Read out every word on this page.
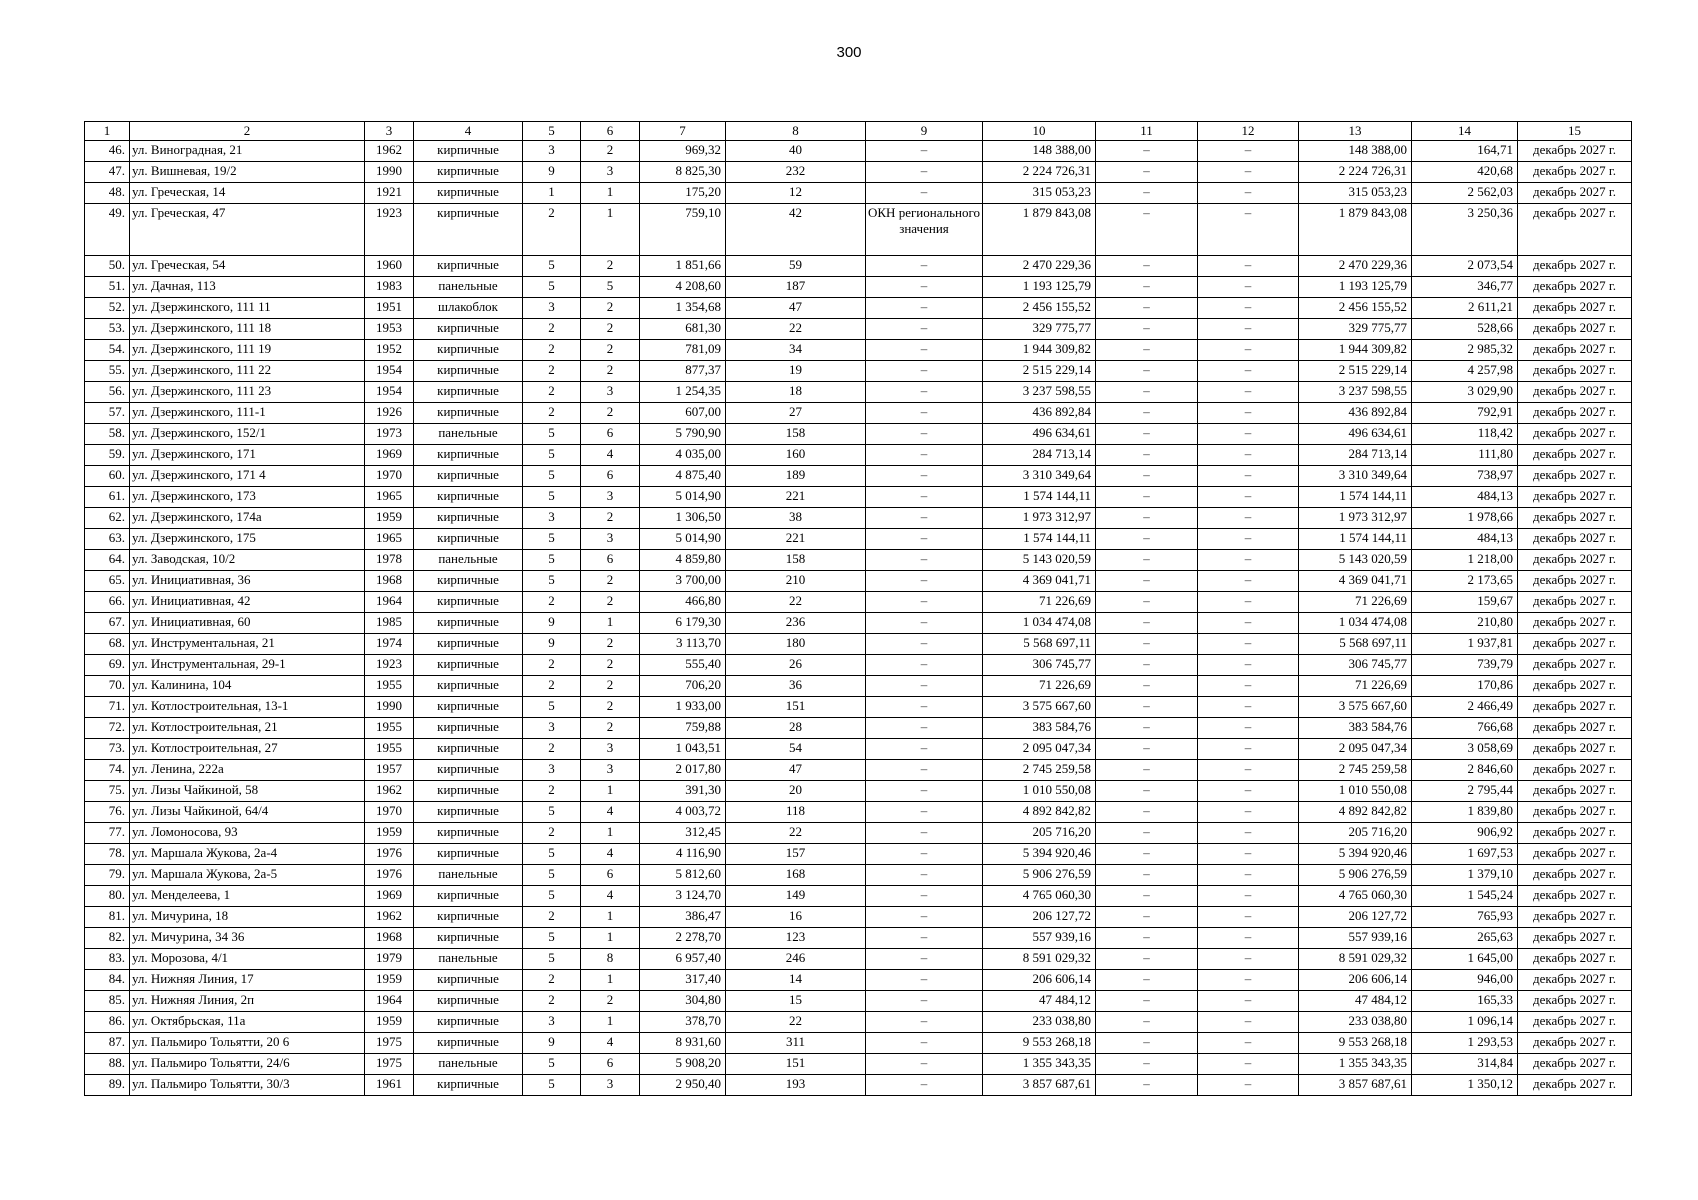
300
1	2	3	4	5	6	7	8	9	10	11	12	13	14	15
46.	ул. Виноградная, 21	1962	кирпичные	3	2	969,32	40	–	148 388,00	–	–	148 388,00	164,71	декабрь 2027 г.
47.	ул. Вишневая, 19/2	1990	кирпичные	9	3	8 825,30	232	–	2 224 726,31	–	–	2 224 726,31	420,68	декабрь 2027 г.
48.	ул. Греческая, 14	1921	кирпичные	1	1	175,20	12	–	315 053,23	–	–	315 053,23	2 562,03	декабрь 2027 г.
49.	ул. Греческая, 47	1923	кирпичные	2	1	759,10	42	ОКН регионального значения	1 879 843,08	–	–	1 879 843,08	3 250,36	декабрь 2027 г.
50.	ул. Греческая, 54	1960	кирпичные	5	2	1 851,66	59	–	2 470 229,36	–	–	2 470 229,36	2 073,54	декабрь 2027 г.
51.	ул. Дачная, 113	1983	панельные	5	5	4 208,60	187	–	1 193 125,79	–	–	1 193 125,79	346,77	декабрь 2027 г.
52.	ул. Дзержинского, 111 11	1951	шлакоблок	3	2	1 354,68	47	–	2 456 155,52	–	–	2 456 155,52	2 611,21	декабрь 2027 г.
53.	ул. Дзержинского, 111 18	1953	кирпичные	2	2	681,30	22	–	329 775,77	–	–	329 775,77	528,66	декабрь 2027 г.
54.	ул. Дзержинского, 111 19	1952	кирпичные	2	2	781,09	34	–	1 944 309,82	–	–	1 944 309,82	2 985,32	декабрь 2027 г.
55.	ул. Дзержинского, 111 22	1954	кирпичные	2	2	877,37	19	–	2 515 229,14	–	–	2 515 229,14	4 257,98	декабрь 2027 г.
56.	ул. Дзержинского, 111 23	1954	кирпичные	2	3	1 254,35	18	–	3 237 598,55	–	–	3 237 598,55	3 029,90	декабрь 2027 г.
57.	ул. Дзержинского, 111-1	1926	кирпичные	2	2	607,00	27	–	436 892,84	–	–	436 892,84	792,91	декабрь 2027 г.
58.	ул. Дзержинского, 152/1	1973	панельные	5	6	5 790,90	158	–	496 634,61	–	–	496 634,61	118,42	декабрь 2027 г.
59.	ул. Дзержинского, 171	1969	кирпичные	5	4	4 035,00	160	–	284 713,14	–	–	284 713,14	111,80	декабрь 2027 г.
60.	ул. Дзержинского, 171 4	1970	кирпичные	5	6	4 875,40	189	–	3 310 349,64	–	–	3 310 349,64	738,97	декабрь 2027 г.
61.	ул. Дзержинского, 173	1965	кирпичные	5	3	5 014,90	221	–	1 574 144,11	–	–	1 574 144,11	484,13	декабрь 2027 г.
62.	ул. Дзержинского, 174а	1959	кирпичные	3	2	1 306,50	38	–	1 973 312,97	–	–	1 973 312,97	1 978,66	декабрь 2027 г.
63.	ул. Дзержинского, 175	1965	кирпичные	5	3	5 014,90	221	–	1 574 144,11	–	–	1 574 144,11	484,13	декабрь 2027 г.
64.	ул. Заводская, 10/2	1978	панельные	5	6	4 859,80	158	–	5 143 020,59	–	–	5 143 020,59	1 218,00	декабрь 2027 г.
65.	ул. Инициативная, 36	1968	кирпичные	5	2	3 700,00	210	–	4 369 041,71	–	–	4 369 041,71	2 173,65	декабрь 2027 г.
66.	ул. Инициативная, 42	1964	кирпичные	2	2	466,80	22	–	71 226,69	–	–	71 226,69	159,67	декабрь 2027 г.
67.	ул. Инициативная, 60	1985	кирпичные	9	1	6 179,30	236	–	1 034 474,08	–	–	1 034 474,08	210,80	декабрь 2027 г.
68.	ул. Инструментальная, 21	1974	кирпичные	9	2	3 113,70	180	–	5 568 697,11	–	–	5 568 697,11	1 937,81	декабрь 2027 г.
69.	ул. Инструментальная, 29-1	1923	кирпичные	2	2	555,40	26	–	306 745,77	–	–	306 745,77	739,79	декабрь 2027 г.
70.	ул. Калинина, 104	1955	кирпичные	2	2	706,20	36	–	71 226,69	–	–	71 226,69	170,86	декабрь 2027 г.
71.	ул. Котлостроительная, 13-1	1990	кирпичные	5	2	1 933,00	151	–	3 575 667,60	–	–	3 575 667,60	2 466,49	декабрь 2027 г.
72.	ул. Котлостроительная, 21	1955	кирпичные	3	2	759,88	28	–	383 584,76	–	–	383 584,76	766,68	декабрь 2027 г.
73.	ул. Котлостроительная, 27	1955	кирпичные	2	3	1 043,51	54	–	2 095 047,34	–	–	2 095 047,34	3 058,69	декабрь 2027 г.
74.	ул. Ленина, 222а	1957	кирпичные	3	3	2 017,80	47	–	2 745 259,58	–	–	2 745 259,58	2 846,60	декабрь 2027 г.
75.	ул. Лизы Чайкиной, 58	1962	кирпичные	2	1	391,30	20	–	1 010 550,08	–	–	1 010 550,08	2 795,44	декабрь 2027 г.
76.	ул. Лизы Чайкиной, 64/4	1970	кирпичные	5	4	4 003,72	118	–	4 892 842,82	–	–	4 892 842,82	1 839,80	декабрь 2027 г.
77.	ул. Ломоносова, 93	1959	кирпичные	2	1	312,45	22	–	205 716,20	–	–	205 716,20	906,92	декабрь 2027 г.
78.	ул. Маршала Жукова, 2а-4	1976	кирпичные	5	4	4 116,90	157	–	5 394 920,46	–	–	5 394 920,46	1 697,53	декабрь 2027 г.
79.	ул. Маршала Жукова, 2а-5	1976	панельные	5	6	5 812,60	168	–	5 906 276,59	–	–	5 906 276,59	1 379,10	декабрь 2027 г.
80.	ул. Менделеева, 1	1969	кирпичные	5	4	3 124,70	149	–	4 765 060,30	–	–	4 765 060,30	1 545,24	декабрь 2027 г.
81.	ул. Мичурина, 18	1962	кирпичные	2	1	386,47	16	–	206 127,72	–	–	206 127,72	765,93	декабрь 2027 г.
82.	ул. Мичурина, 34 36	1968	кирпичные	5	1	2 278,70	123	–	557 939,16	–	–	557 939,16	265,63	декабрь 2027 г.
83.	ул. Морозова, 4/1	1979	панельные	5	8	6 957,40	246	–	8 591 029,32	–	–	8 591 029,32	1 645,00	декабрь 2027 г.
84.	ул. Нижняя Линия, 17	1959	кирпичные	2	1	317,40	14	–	206 606,14	–	–	206 606,14	946,00	декабрь 2027 г.
85.	ул. Нижняя Линия, 2п	1964	кирпичные	2	2	304,80	15	–	47 484,12	–	–	47 484,12	165,33	декабрь 2027 г.
86.	ул. Октябрьская, 11а	1959	кирпичные	3	1	378,70	22	–	233 038,80	–	–	233 038,80	1 096,14	декабрь 2027 г.
87.	ул. Пальмиро Тольятти, 20 6	1975	кирпичные	9	4	8 931,60	311	–	9 553 268,18	–	–	9 553 268,18	1 293,53	декабрь 2027 г.
88.	ул. Пальмиро Тольятти, 24/6	1975	панельные	5	6	5 908,20	151	–	1 355 343,35	–	–	1 355 343,35	314,84	декабрь 2027 г.
89.	ул. Пальмиро Тольятти, 30/3	1961	кирпичные	5	3	2 950,40	193	–	3 857 687,61	–	–	3 857 687,61	1 350,12	декабрь 2027 г.
